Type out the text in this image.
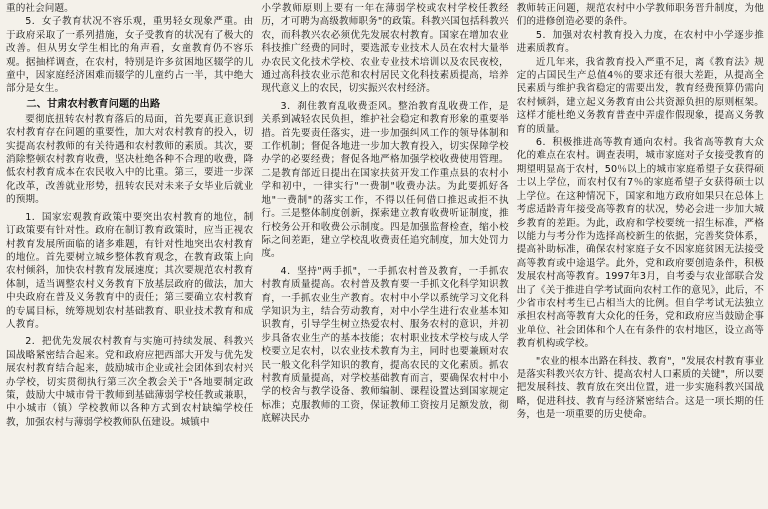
重的社会问题。

5．女子教育状况不容乐观，重男轻女现象严重。由于政府采取了一系列措施，女子受教育的状况有了极大的改善。但从男女学生相比的角声看，女童教育仍不容乐观。据抽样调查，在农村，特别是许多贫困地区辍学的儿童中，因家庭经济困难而辍学的儿童约占一半，其中绝大部分是女生。

二、甘肃农村教育问题的出路

要彻底扭转农村教育落后的局面，首先要真正意识到农村教育存在问题的重要性，加大对农村教育的投入，切实提高农村教师的有关待遇和农村教师的素质。其次，要消除整顿农村教育收费，坚决杜绝各种不合理的收费，降低农村教育成本在农民收入中的比重。第三，要进一步深化改革，改善就业形势，扭转农民对未来子女毕业后就业的预期。

1．国家宏观教育政策中要突出农村教育的地位，制订政策要有针对性。政府在制订教育政策时，应当正视农村教育发展所面临的诸多难题，有针对性地突出农村教育的地位。首先要树立城乡整体教育观念，在教育政策上向农村倾斜，加快农村教育发展速度；其次要规范农村教育体制，适当调整农村义务教育下放基层政府的做法，加大中央政府在普及义务教育中的责任；第三要确立农村教育的专属目标，统筹规划农村基础教育、职业技术教育和成人教育。

2．把优先发展农村教育与实施可持续发展、科教兴国战略紧密结合起来。党和政府应把西部大开发与优先发展农村教育结合起来，鼓励城市企业或社会团体到农村兴办学校，切实贯彻执行第三次全教会关于"各地要制定政策，鼓励大中城市骨干教师到基础薄弱学校任教或兼职，中小城市（镇）学校教师以各种方式到农村缺编学校任教，加强农村与薄弱学校教师队伍建设。城镇中

小学教师原则上要有一年在薄弱学校或农村学校任教经历，才可聘为高级教师职务"的政策。科教兴国包括科教兴农，而科教兴农必须优先发展农村教育。国家在增加农业科技推广经费的同时，要选派专业技术人员在农村大量举办农民文化技术学校、农业专业技术培训以及农民夜校，通过高科技农业示范和农村居民文化科技素质提高，培养现代意义上的农民，切实振兴农村经济。

3．刹住教育乱收费歪风。整治教育乱收费工作，是关系到减轻农民负担，维护社会稳定和教育形象的重要举措。首先要责任落实，进一步加强纠风工作的领导体制和工作机制；督促各地进一步加大教育投入，切实保障学校办学的必要经费；督促各地严格加强学校收费使用管理。二是教育部近日提出在国家扶贫开发工作重点县的农村小学和初中，一律实行"一费制"收费办法。为此要抓好各地"一费制"的落实工作，不得以任何借口推迟或拒不执行。三是整体制度创新，探索建立教育收费听证制度，推行校务公开和收费公示制度。四是加强监督检查，缩小校际之间差距，建立学校乱收费责任追究制度，加大处罚力度。

4．坚持"两手抓"，一手抓农村普及教育，一手抓农村教育质量提高。农村普及教育要一手抓文化科学知识教育，一手抓农业生产教育。农村中小学以系统学习文化科学知识为主，结合劳动教育，对中小学生进行农业基本知识教育，引导学生树立热爱农村、服务农村的意识，并初步具备农业生产的基本技能；农村职业技术学校与成人学校要立足农村，以农业技术教育为主，同时也要兼顾对农民一般文化科学知识的教育，提高农民的文化素质。抓农村教育质量提高，对学校基础教育而言，要确保农村中小学的校舍与教学设备、教师编制、课程设置达到国家规定标准；克服教师的工资，保证教师工资按月足额发放，彻底解决民办

教师转正问题，规范农村中小学教师职务晋升制度，为他们的进修创造必要的条件。

5．加强对农村教育投入力度，在农村中小学逐步推进素质教育。

近几年来，我省教育投入严重不足，离《教育法》规定的占国民生产总值4％的要求还有很大差距，从提高全民素质与维护我省稳定的需要出发，教育经费预算仍需向农村倾斜，建立起义务教育由公共资源负担的原则框架。这样才能杜绝义务教育普查中弄虚作假现象，提高义务教育的质量。

6．积极推进高等教育通向农村。我省高等教育大众化的难点在农村。调查表明，城市家庭对子女接受教育的期望明显高于农村，50％以上的城市家庭希望子女获得硕士以上学位，而农村仅有7％的家庭希望子女获得硕士以上学位。在这种情况下，国家和地方政府如果只在总体上考虑适龄青年接受高等教育的状况，势必会进一步加大城乡教育的差距。为此，政府和学校要统一招生标准，严格以能力与考分作为选择高校新生的依据，完善奖贷体系，提高补助标准，确保农村家庭子女不因家庭贫困无法接受高等教育或中途退学。此外，党和政府要创造条件，积极发展农村高等教育。1997年3月，自考委与农业部联合发出了《关于推进自学考试面向农村工作的意见》，此后，不少省市农村考生已占相当大的比例。但自学考试无法独立承担农村高等教育大众化的任务，党和政府应当鼓励企事业单位、社会团体和个人在有条件的农村地区，设立高等教育机构或学校。

"农业的根本出路在科技、教育"，"发展农村教育事业是落实科教兴农方针、提高农村人口素质的关键"，所以要把发展科技、教育放在突出位置，进一步实施科教兴国战略，促进科技、教育与经济紧密结合。这是一项长期的任务，也是一项重要的历史使命。
